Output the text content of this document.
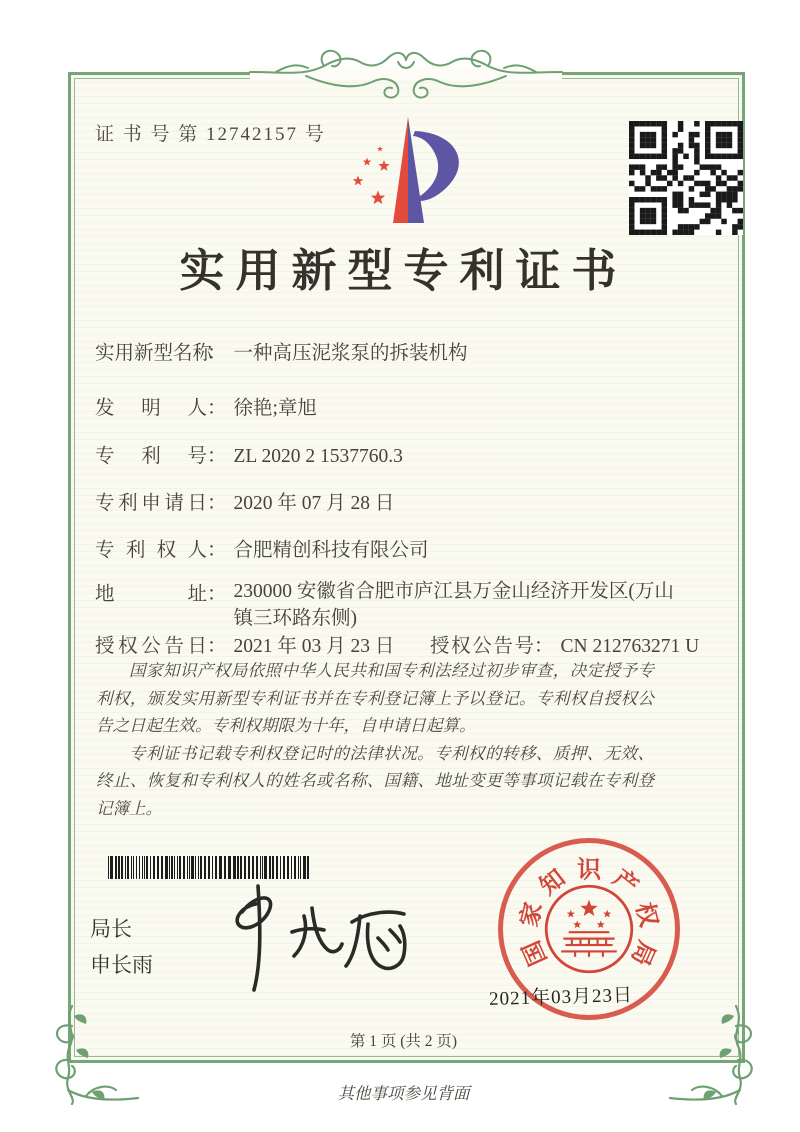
证 书 号 第 12742157 号
实用新型专利证书
实用新型名称： 一种高压泥浆泵的拆装机构
发明人： 徐艳;章旭
专利号： ZL 2020 2 1537760.3
专利申请日： 2020 年 07 月 28 日
专利权人： 合肥精创科技有限公司
地址： 230000 安徽省合肥市庐江县万金山经济开发区(万山镇三环路东侧)
授权公告日： 2021 年 03 月 23 日 授权公告号： CN 212763271 U

国家知识产权局依照中华人民共和国专利法经过初步审查，决定授予专利权，颁发实用新型专利证书并在专利登记簿上予以登记。专利权自授权公告之日起生效。专利权期限为十年，自申请日起算。

专利证书记载专利权登记时的法律状况。专利权的转移、质押、无效、终止、恢复和专利权人的姓名或名称、国籍、地址变更等事项记载在专利登记簿上。

局长
申长雨	国
家
知 识 产
权
局
2021年03月23日
第 1 页 (共 2 页)
其他事项参见背面
